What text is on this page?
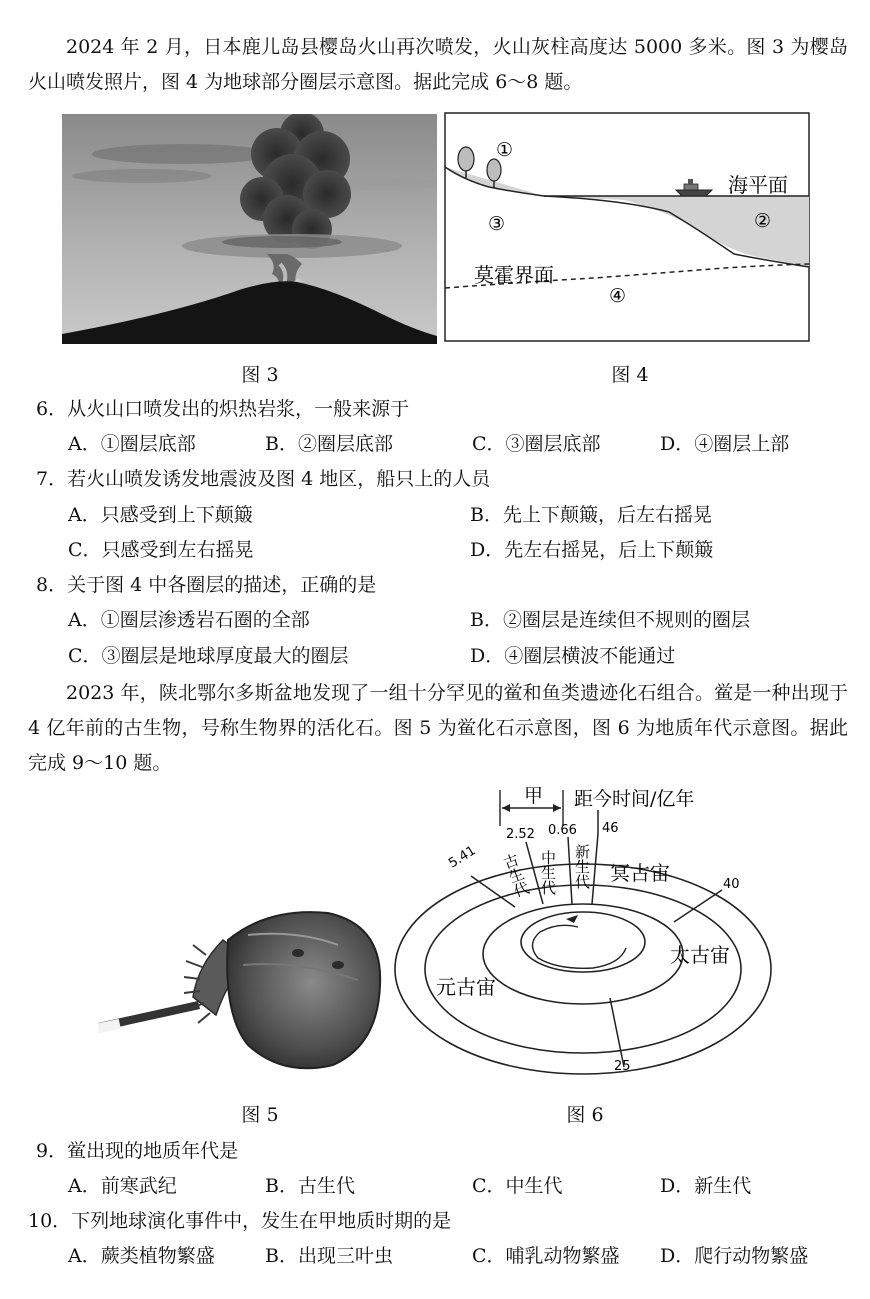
2024 年 2 月，日本鹿儿岛县樱岛火山再次喷发，火山灰柱高度达 5000 多米。图 3 为樱岛火山喷发照片，图 4 为地球部分圈层示意图。据此完成 6～8 题。

图 3
①
③	②
④
海平面
莫霍界面
图 4
6．从火山口喷发出的炽热岩浆，一般来源于
A．①圈层底部	B．②圈层底部	C．③圈层底部	D．④圈层上部
7．若火山喷发诱发地震波及图 4 地区，船只上的人员
A．只感受到上下颠簸	B．先上下颠簸，后左右摇晃
C．只感受到左右摇晃	D．先左右摇晃，后上下颠簸
8．关于图 4 中各圈层的描述，正确的是
A．①圈层渗透岩石圈的全部	B．②圈层是连续但不规则的圈层
C．③圈层是地球厚度最大的圈层	D．④圈层横波不能通过

2023 年，陕北鄂尔多斯盆地发现了一组十分罕见的鲎和鱼类遗迹化石组合。鲎是一种出现于 4 亿年前的古生物，号称生物界的活化石。图 5 为鲎化石示意图，图 6 为地质年代示意图。据此完成 9～10 题。

图 5
甲 距今时间/亿年
5.41
2.52 0.66 46
40
25
古生代 中生代 新生代 冥古宙
太古宙
元古宙
图 6
9．鲎出现的地质年代是
A．前寒武纪	B．古生代	C．中生代	D．新生代
10．下列地球演化事件中，发生在甲地质时期的是
A．蕨类植物繁盛	B．出现三叶虫	C．哺乳动物繁盛 D．爬行动物繁盛
